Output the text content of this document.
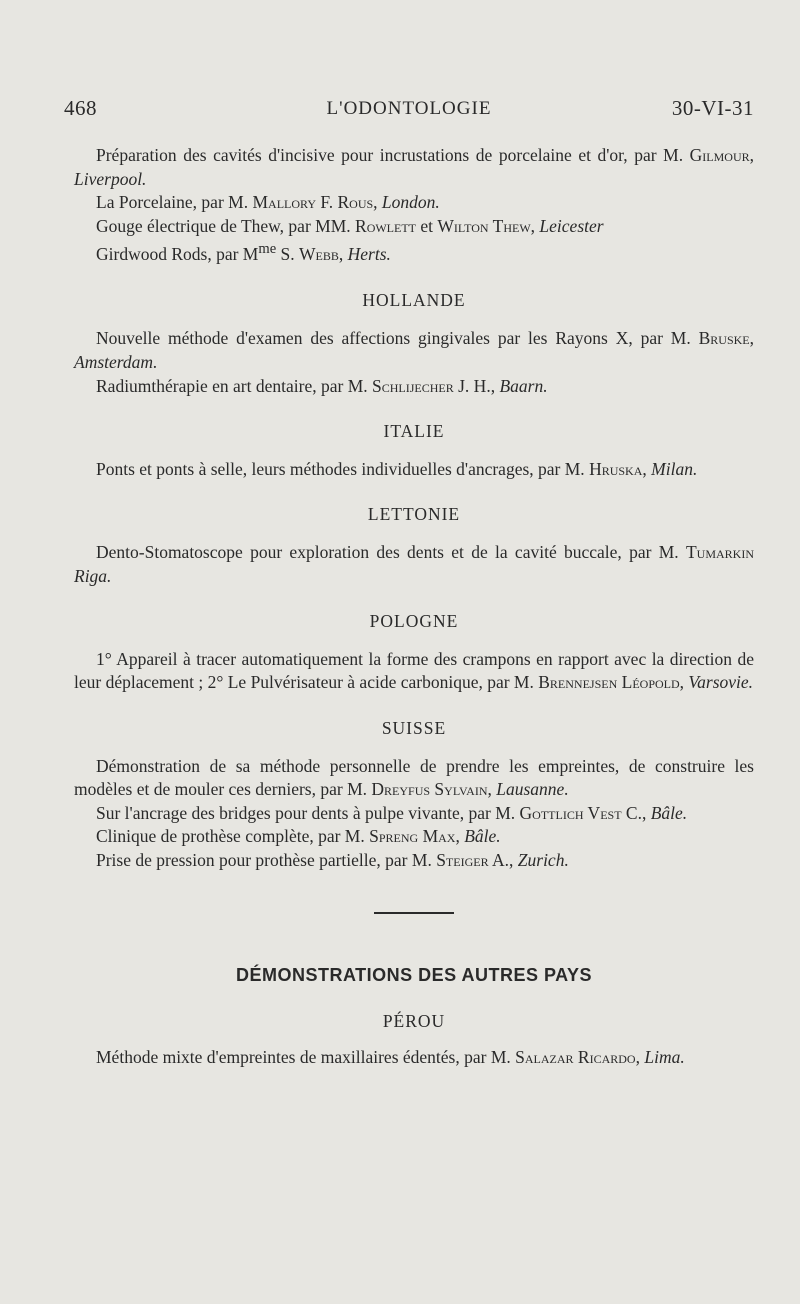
468	L'ODONTOLOGIE	30-VI-31

Préparation des cavités d'incisive pour incrustations de porcelaine et d'or, par M. Gilmour, Liverpool.

La Porcelaine, par M. Mallory F. Rous, London.

Gouge électrique de Thew, par MM. Rowlett et Wilton Thew, Leicester

Girdwood Rods, par $M^{me}$ S. Webb, Herts.

HOLLANDE

Nouvelle méthode d'examen des affections gingivales par les Rayons X, par M. Bruske, Amsterdam.

Radiumthérapie en art dentaire, par M. Schlijecher J. H., Baarn.

ITALIE

Ponts et ponts à selle, leurs méthodes individuelles d'ancrages, par M. Hruska, Milan.

LETTONIE

Dento-Stomatoscope pour exploration des dents et de la cavité buccale, par M. Tumarkin Riga.

POLOGNE

1° Appareil à tracer automatiquement la forme des crampons en rapport avec la direction de leur déplacement ; 2° Le Pulvérisateur à acide carbonique, par M. Brennejsen Léopold, Varsovie.

SUISSE

Démonstration de sa méthode personnelle de prendre les empreintes, de construire les modèles et de mouler ces derniers, par M. Dreyfus Sylvain, Lausanne.

Sur l'ancrage des bridges pour dents à pulpe vivante, par M. Gottlich Vest C., Bâle.

Clinique de prothèse complète, par M. Spreng Max, Bâle.

Prise de pression pour prothèse partielle, par M. Steiger A., Zurich.

DÉMONSTRATIONS DES AUTRES PAYS

PÉROU

Méthode mixte d'empreintes de maxillaires édentés, par M. Salazar Ricardo, Lima.
